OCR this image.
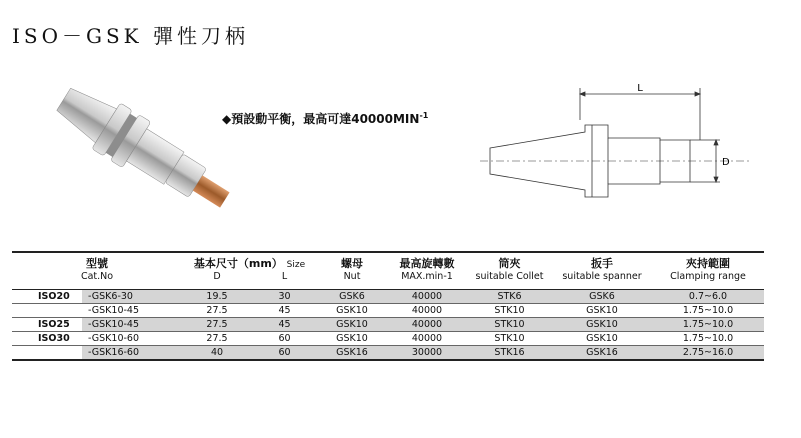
ISO－GSK 彈性刀柄
◆預設動平衡，最高可達$40000MIN^{-1}$
L
D
型號		基本尺寸（mm） Size		螺母	最高旋轉數	筒夾	扳手	夾持範圍
Cat.No		D	L	Nut	MAX.min-1	suitable Collet	suitable spanner	Clamping range
ISO20	-GSK6-30	19.5	30	GSK6	40000	STK6	GSK6	0.7~6.0
	-GSK10-45	27.5	45	GSK10	40000	STK10	GSK10	1.75~10.0
ISO25	-GSK10-45	27.5	45	GSK10	40000	STK10	GSK10	1.75~10.0
ISO30	-GSK10-60	27.5	60	GSK10	40000	STK10	GSK10	1.75~10.0
	-GSK16-60	40	60	GSK16	30000	STK16	GSK16	2.75~16.0
